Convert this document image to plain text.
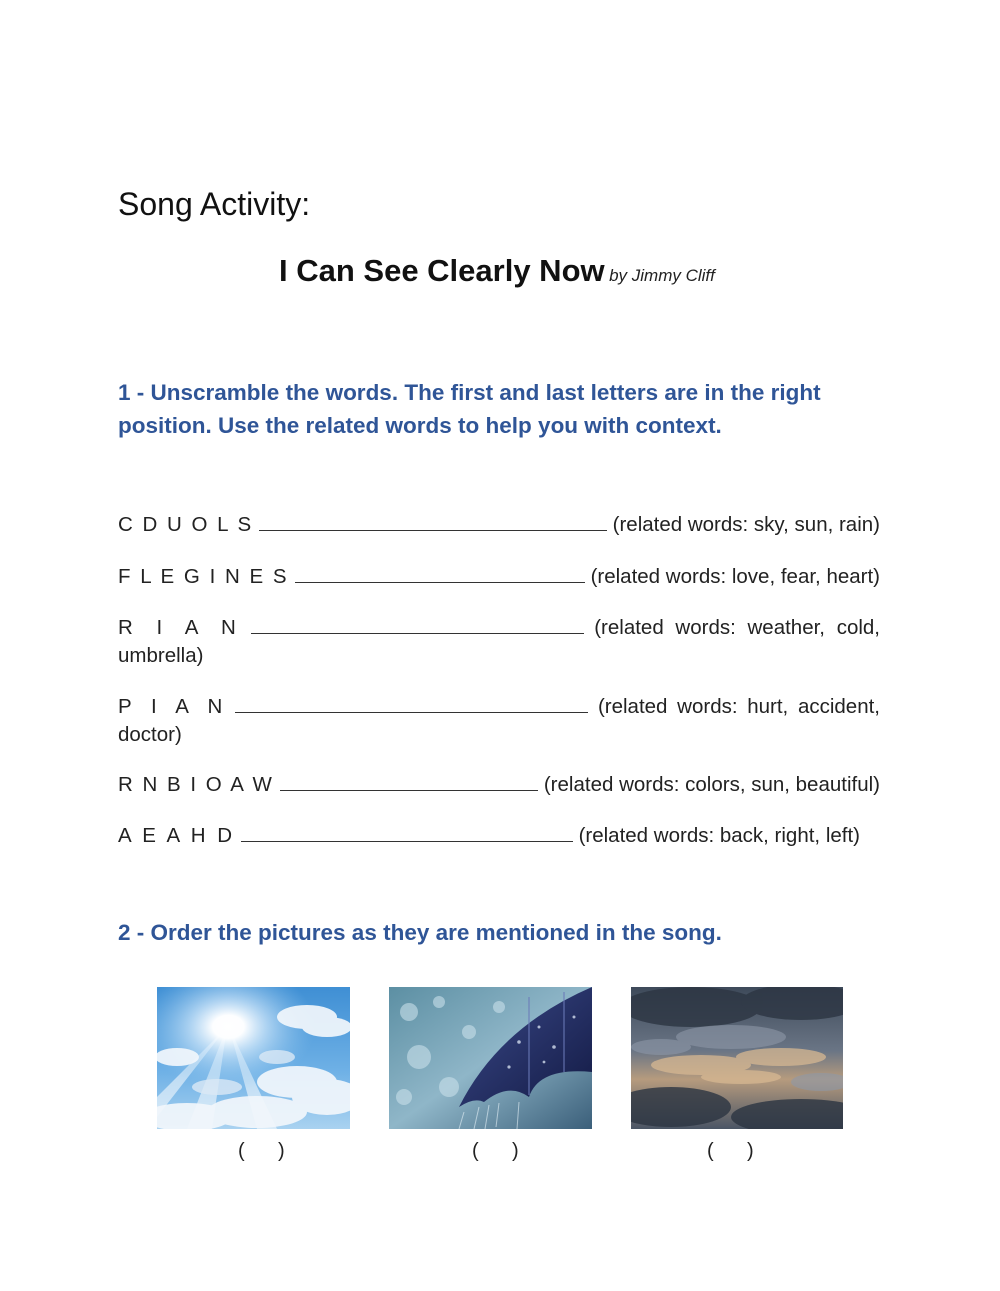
Song Activity:
I Can See Clearly Now by Jimmy Cliff
1 - Unscramble the words. The first and last letters are in the right position. Use the related words to help you with context.
C D U O L S	(related words: sky, sun, rain)
F L E G I N E S	(related words: love, fear, heart)
R I A N	(related words: weather, cold,
umbrella)
P I A N	(related words: hurt, accident,
doctor)
R N B I O A W	(related words: colors, sun, beautiful)
A E A H D	(related words: back, right, left)
2 - Order the pictures as they are mentioned in the song.
(      )	(      )	(      )
